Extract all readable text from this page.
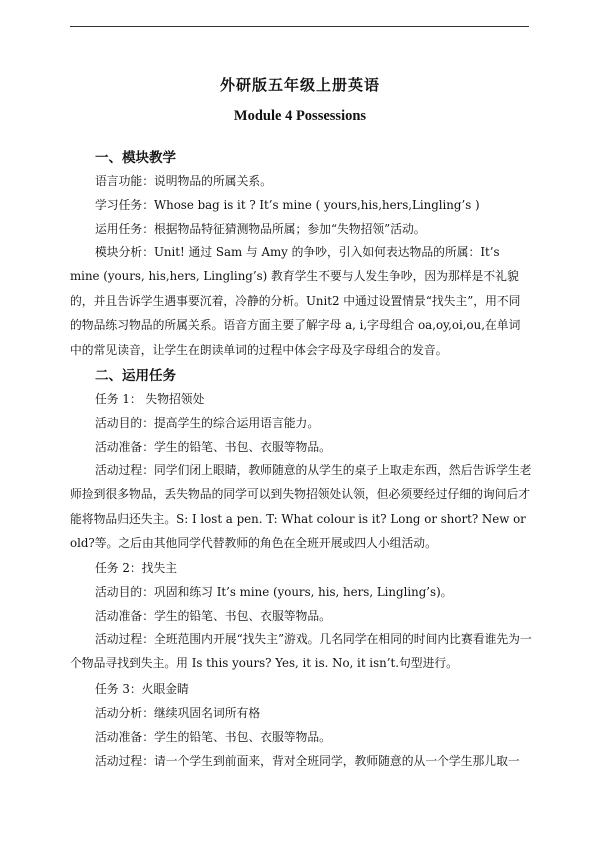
外研版五年级上册英语
Module 4 Possessions
一、模块教学
语言功能：说明物品的所属关系。
学习任务：Whose bag is it ? It’s mine ( yours,his,hers,Lingling’s )
运用任务：根据物品特征猜测物品所属；参加“失物招领”活动。
模块分析：Unit! 通过 Sam 与 Amy 的争吵，引入如何表达物品的所属：It’s mine (yours, his,hers, Lingling’s) 教育学生不要与人发生争吵，因为那样是不礼貌的，并且告诉学生遇事要沉着，冷静的分析。Unit2 中通过设置情景“找失主”，用不同的物品练习物品的所属关系。语音方面主要了解字母 a, i,字母组合 oa,oy,oi,ou,在单词中的常见读音，让学生在朗读单词的过程中体会字母及字母组合的发音。
二、运用任务
任务 1： 失物招领处
活动目的：提高学生的综合运用语言能力。
活动准备：学生的铅笔、书包、衣服等物品。
活动过程：同学们闭上眼睛，教师随意的从学生的桌子上取走东西，然后告诉学生老师捡到很多物品，丢失物品的同学可以到失物招领处认领，但必须要经过仔细的询问后才能将物品归还失主。S: I lost a pen. T: What colour is it? Long or short? New or old?等。之后由其他同学代替教师的角色在全班开展或四人小组活动。
任务 2：找失主
活动目的：巩固和练习 It’s mine (yours, his, hers, Lingling’s)。
活动准备：学生的铅笔、书包、衣服等物品。
活动过程：全班范围内开展“找失主”游戏。几名同学在相同的时间内比赛看谁先为一个物品寻找到失主。用 Is this yours? Yes, it is. No, it isn’t.句型进行。
任务 3：火眼金睛
活动分析：继续巩固名词所有格
活动准备：学生的铅笔、书包、衣服等物品。
活动过程：请一个学生到前面来，背对全班同学，教师随意的从一个学生那儿取一
